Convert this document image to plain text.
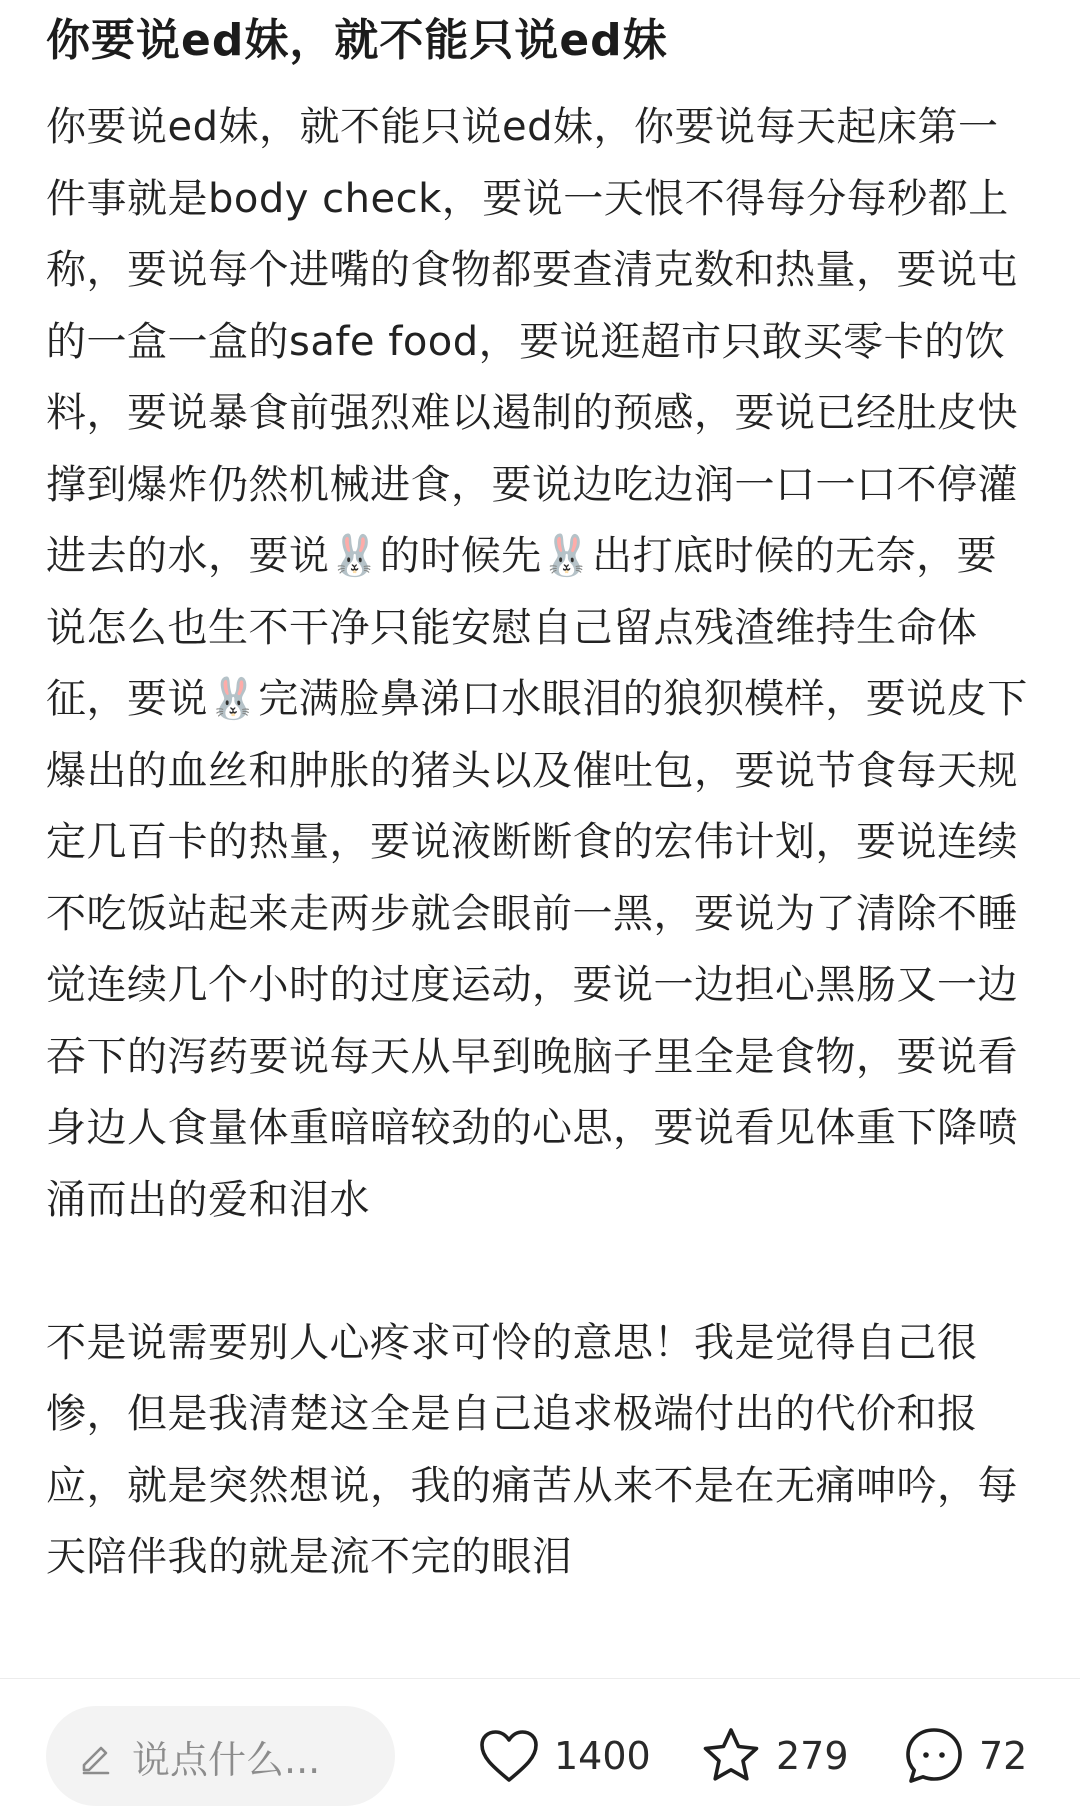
你要说ed妹，就不能只说ed妹

你要说ed妹，就不能只说ed妹，你要说每天起床第一件事就是body check，要说一天恨不得每分每秒都上称，要说每个进嘴的食物都要查清克数和热量，要说屯的一盒一盒的safe food，要说逛超市只敢买零卡的饮料，要说暴食前强烈难以遏制的预感，要说已经肚皮快撑到爆炸仍然机械进食，要说边吃边润一口一口不停灌进去的水，要说🐰的时候先🐰出打底时候的无奈，要说怎么也生不干净只能安慰自己留点残渣维持生命体征，要说🐰完满脸鼻涕口水眼泪的狼狈模样，要说皮下爆出的血丝和肿胀的猪头以及催吐包，要说节食每天规定几百卡的热量，要说液断断食的宏伟计划，要说连续不吃饭站起来走两步就会眼前一黑，要说为了清除不睡觉连续几个小时的过度运动，要说一边担心黑肠又一边吞下的泻药要说每天从早到晚脑子里全是食物，要说看身边人食量体重暗暗较劲的心思，要说看见体重下降喷涌而出的爱和泪水

不是说需要别人心疼求可怜的意思！我是觉得自己很惨，但是我清楚这全是自己追求极端付出的代价和报应，就是突然想说，我的痛苦从来不是在无痛呻吟，每天陪伴我的就是流不完的眼泪

说点什么...	1400	279	72
